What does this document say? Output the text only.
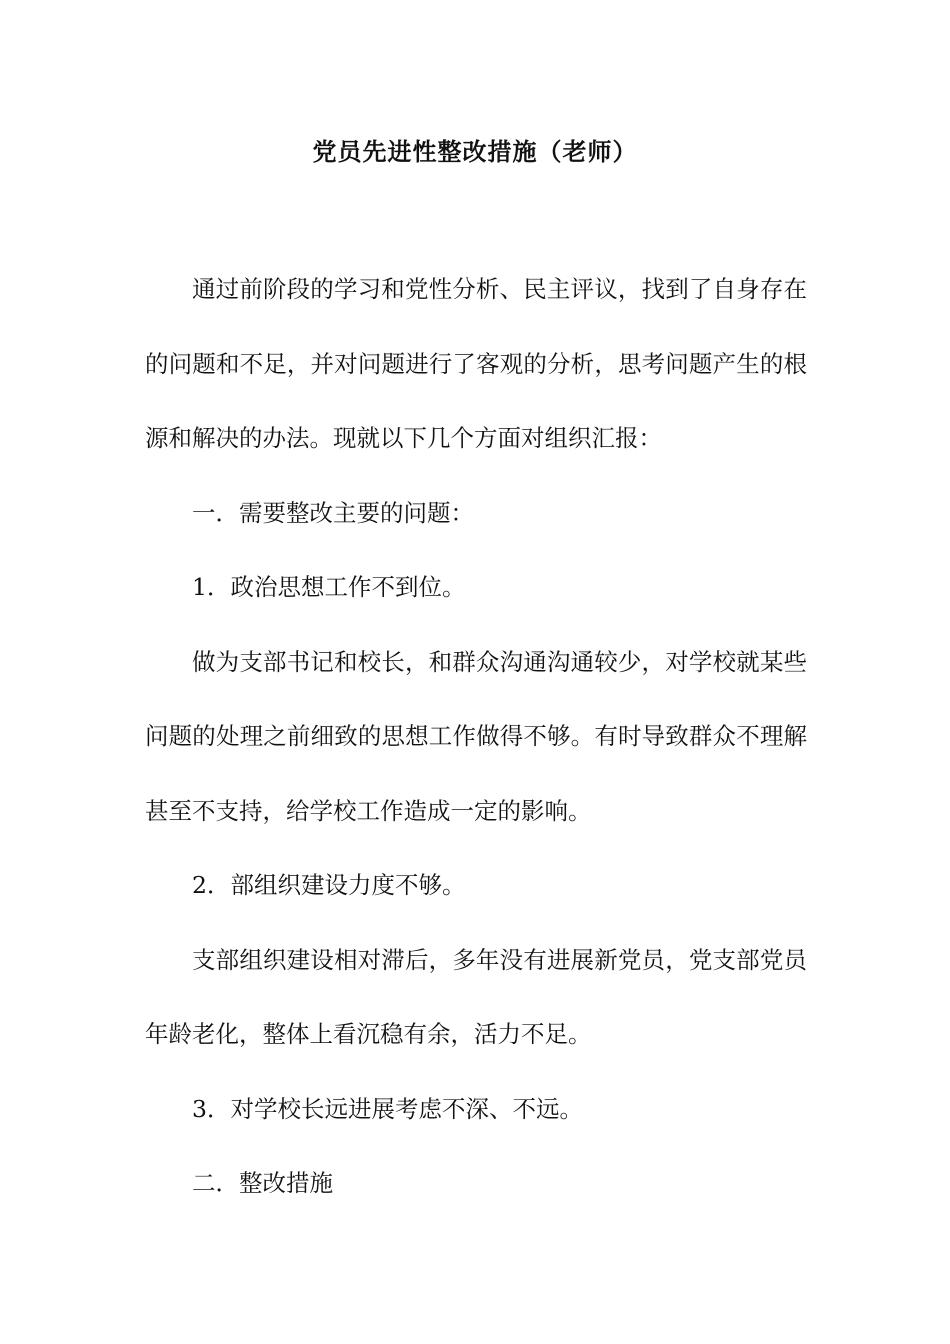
党员先进性整改措施（老师）

通过前阶段的学习和党性分析、民主评议，找到了自身存在的问题和不足，并对问题进行了客观的分析，思考问题产生的根源和解决的办法。现就以下几个方面对组织汇报：

一．需要整改主要的问题：

1．政治思想工作不到位。

做为支部书记和校长，和群众沟通沟通较少，对学校就某些问题的处理之前细致的思想工作做得不够。有时导致群众不理解甚至不支持，给学校工作造成一定的影响。

2．部组织建设力度不够。

支部组织建设相对滞后，多年没有进展新党员，党支部党员年龄老化，整体上看沉稳有余，活力不足。

3．对学校长远进展考虑不深、不远。

二．整改措施
